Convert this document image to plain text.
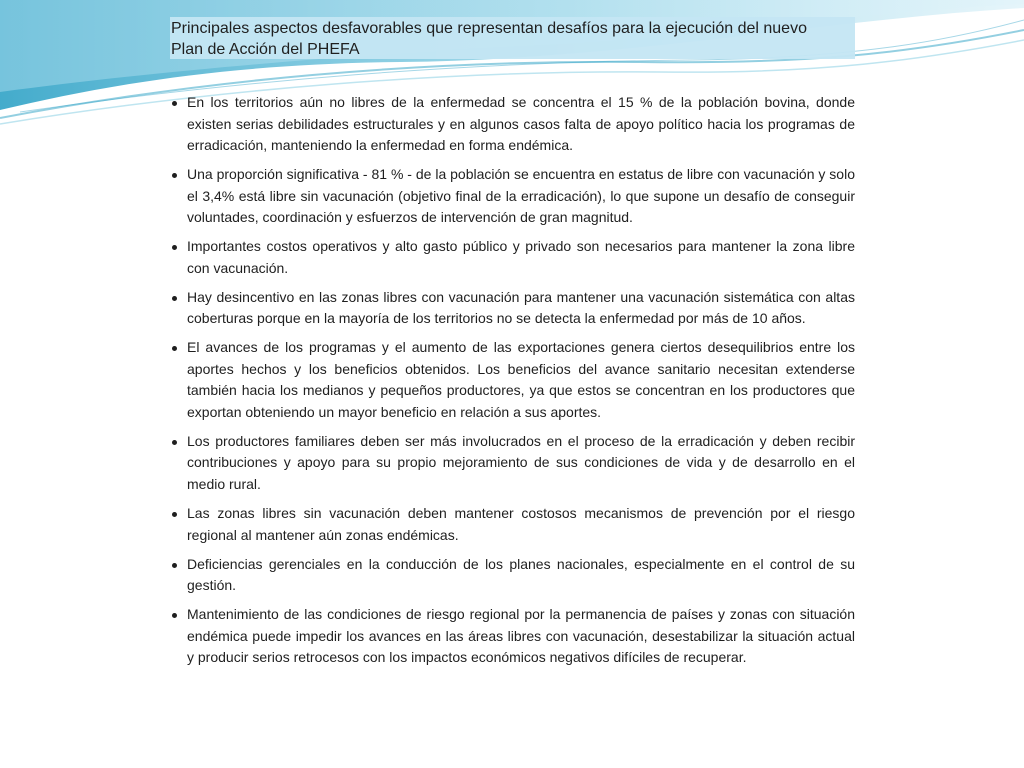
Principales aspectos desfavorables que representan desafíos para la ejecución del nuevo
Plan de Acción del PHEFA
En los territorios aún no libres de la enfermedad se concentra el 15 % de la población bovina, donde existen serias debilidades estructurales y en algunos casos falta de apoyo político hacia los programas de erradicación, manteniendo la enfermedad en forma endémica.
Una proporción significativa - 81 % - de la población se encuentra en estatus de libre con vacunación y solo el 3,4% está libre sin vacunación (objetivo final de la erradicación), lo que supone un desafío de conseguir voluntades, coordinación y esfuerzos de intervención de gran magnitud.
Importantes costos operativos y alto gasto público y privado son necesarios para mantener la zona libre con vacunación.
Hay desincentivo en las zonas libres con vacunación para mantener una vacunación sistemática con altas coberturas porque en la mayoría de los territorios no se detecta la enfermedad por más de 10 años.
El avances de los programas y el aumento de las exportaciones genera ciertos desequilibrios entre los aportes hechos y los beneficios obtenidos. Los beneficios del avance sanitario necesitan extenderse también hacia los medianos y pequeños productores, ya que estos se concentran en los productores que exportan obteniendo un mayor beneficio en relación a sus aportes.
Los productores familiares deben ser más involucrados en el proceso de la erradicación y deben recibir contribuciones y apoyo para su propio mejoramiento de sus condiciones de vida y de desarrollo en el medio rural.
Las zonas libres sin vacunación deben mantener costosos mecanismos de prevención por el riesgo regional al mantener aún zonas endémicas.
Deficiencias gerenciales en la conducción de los planes nacionales, especialmente en el control de su gestión.
Mantenimiento de las condiciones de riesgo regional por la permanencia de países y zonas con situación endémica puede impedir los avances en las áreas libres con vacunación, desestabilizar la situación actual y producir serios retrocesos con los impactos económicos negativos difíciles de recuperar.
